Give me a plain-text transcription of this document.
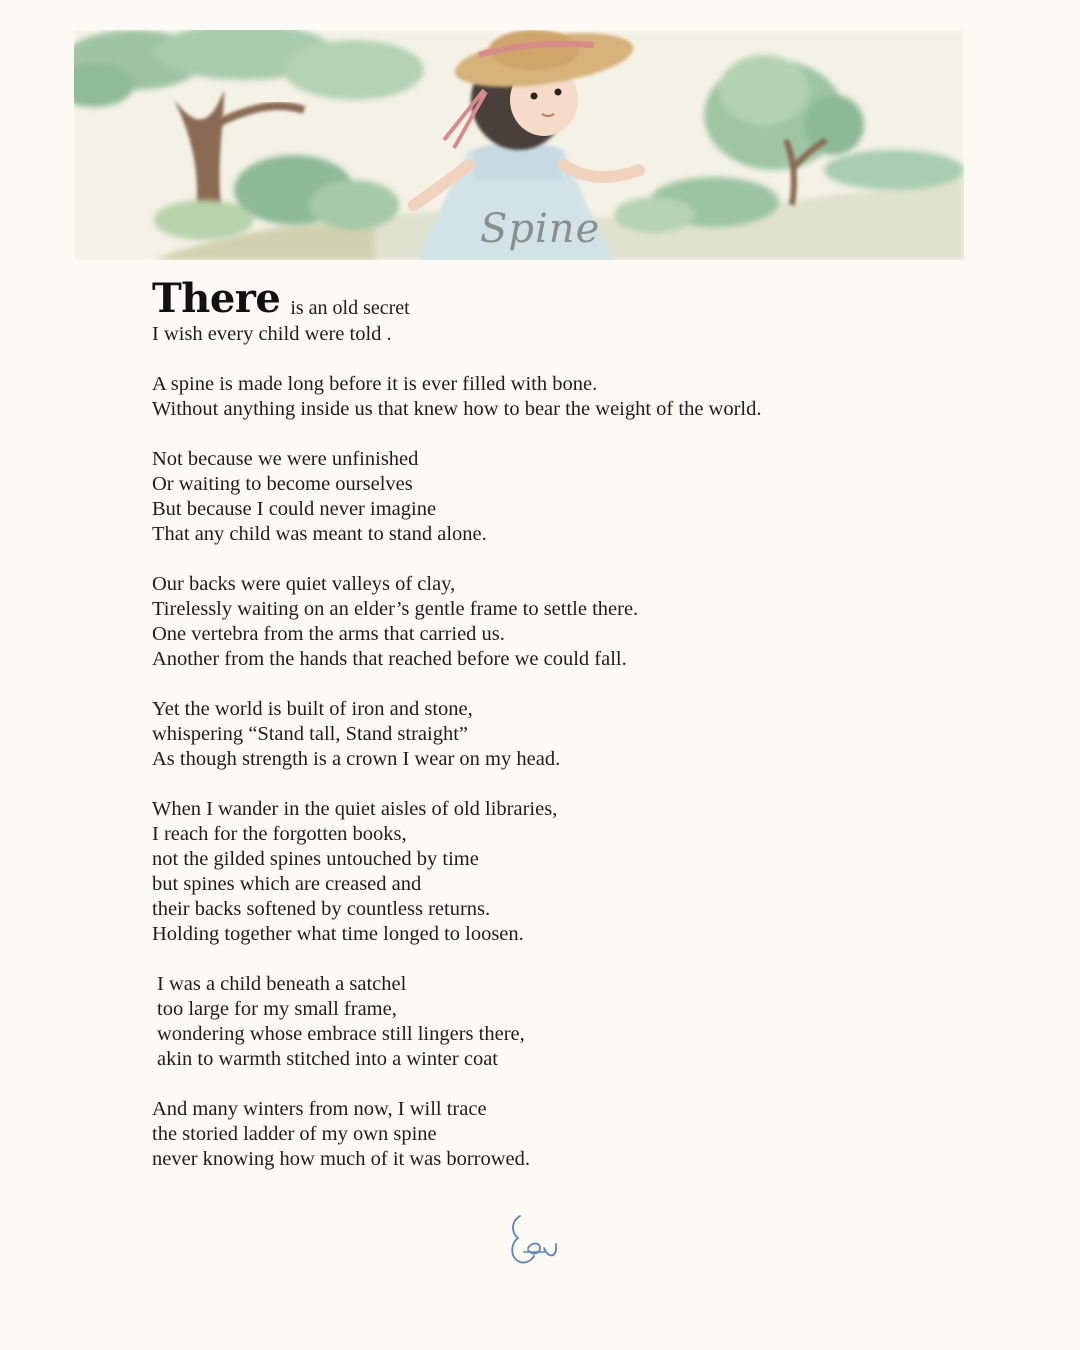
Spine
There is an old secret
I wish every child were told .
A spine is made long before it is ever filled with bone.
Without anything inside us that knew how to bear the weight of the world.
Not because we were unfinished
Or waiting to become ourselves
But because I could never imagine
That any child was meant to stand alone.
Our backs were quiet valleys of clay,
Tirelessly waiting on an elder’s gentle frame to settle there.
One vertebra from the arms that carried us.
Another from the hands that reached before we could fall.
Yet the world is built of iron and stone,
whispering “Stand tall, Stand straight”
As though strength is a crown I wear on my head.
When I wander in the quiet aisles of old libraries,
I reach for the forgotten books,
not the gilded spines untouched by time
but spines which are creased and
their backs softened by countless returns.
Holding together what time longed to loosen.
I was a child beneath a satchel
too large for my small frame,
wondering whose embrace still lingers there,
akin to warmth stitched into a winter coat
And many winters from now, I will trace
the storied ladder of my own spine
never knowing how much of it was borrowed.
